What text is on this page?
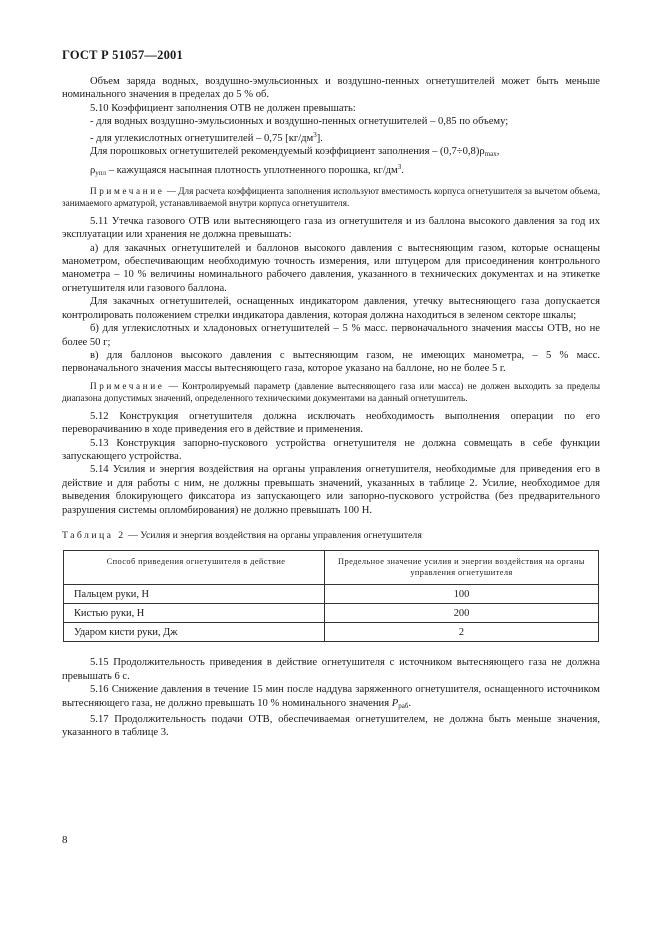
ГОСТ Р 51057—2001

Объем заряда водных, воздушно-эмульсионных и воздушно-пенных огнетушителей может быть меньше номинального значения в пределах до 5 % об.

5.10 Коэффициент заполнения ОТВ не должен превышать:

- для водных воздушно-эмульсионных и воздушно-пенных огнетушителей – 0,85 по объему;

- для углекислотных огнетушителей – 0,75 $[кг/дм^3]$.

Для порошковых огнетушителей рекомендуемый коэффициент заполнения – $(0,7\div 0,8)\rho_{max}$,

$\rho_{упл}$ – кажущаяся насыпная плотность уплотненного порошка, $кг/дм^3$.

Примечание — Для расчета коэффициента заполнения используют вместимость корпуса огнетушителя за вычетом объема, занимаемого арматурой, устанавливаемой внутри корпуса огнетушителя.

5.11 Утечка газового ОТВ или вытесняющего газа из огнетушителя и из баллона высокого давления за год их эксплуатации или хранения не должна превышать:

а) для закачных огнетушителей и баллонов высокого давления с вытесняющим газом, которые оснащены манометром, обеспечивающим необходимую точность измерения, или штуцером для присоединения контрольного манометра – 10 % величины номинального рабочего давления, указанного в технических документах и на этикетке огнетушителя или газового баллона.

Для закачных огнетушителей, оснащенных индикатором давления, утечку вытесняющего газа допускается контролировать положением стрелки индикатора давления, которая должна находиться в зеленом секторе шкалы;

б) для углекислотных и хладоновых огнетушителей – 5 % масс. первоначального значения массы ОТВ, но не более 50 г;

в) для баллонов высокого давления с вытесняющим газом, не имеющих манометра, – 5 % масс. первоначального значения массы вытесняющего газа, которое указано на баллоне, но не более 5 г.

Примечание — Контролируемый параметр (давление вытесняющего газа или масса) не должен выходить за пределы диапазона допустимых значений, определенного техническими документами на данный огнетушитель.

5.12 Конструкция огнетушителя должна исключать необходимость выполнения операции по его переворачиванию в ходе приведения его в действие и применения.

5.13 Конструкция запорно-пускового устройства огнетушителя не должна совмещать в себе функции запускающего устройства.

5.14 Усилия и энергия воздействия на органы управления огнетушителя, необходимые для приведения его в действие и для работы с ним, не должны превышать значений, указанных в таблице 2. Усилие, необходимое для выведения блокирующего фиксатора из запускающего или запорно-пускового устройства (без предварительного разрушения системы опломбирования) не должно превышать 100 Н.

Таблица 2 — Усилия и энергия воздействия на органы управления огнетушителя
Способ приведения огнетушителя в действие	Предельное значение усилия и энергии воздействия на органы управления огнетушителя
Пальцем руки, Н	100
Кистью руки, Н	200
Ударом кисти руки, Дж	2

5.15 Продолжительность приведения в действие огнетушителя с источником вытесняющего газа не должна превышать 6 с.

5.16 Снижение давления в течение 15 мин после наддува заряженного огнетушителя, оснащенного источником вытесняющего газа, не должно превышать 10 % номинального значения $P_{раб}$.

5.17 Продолжительность подачи ОТВ, обеспечиваемая огнетушителем, не должна быть меньше значения, указанного в таблице 3.

8
